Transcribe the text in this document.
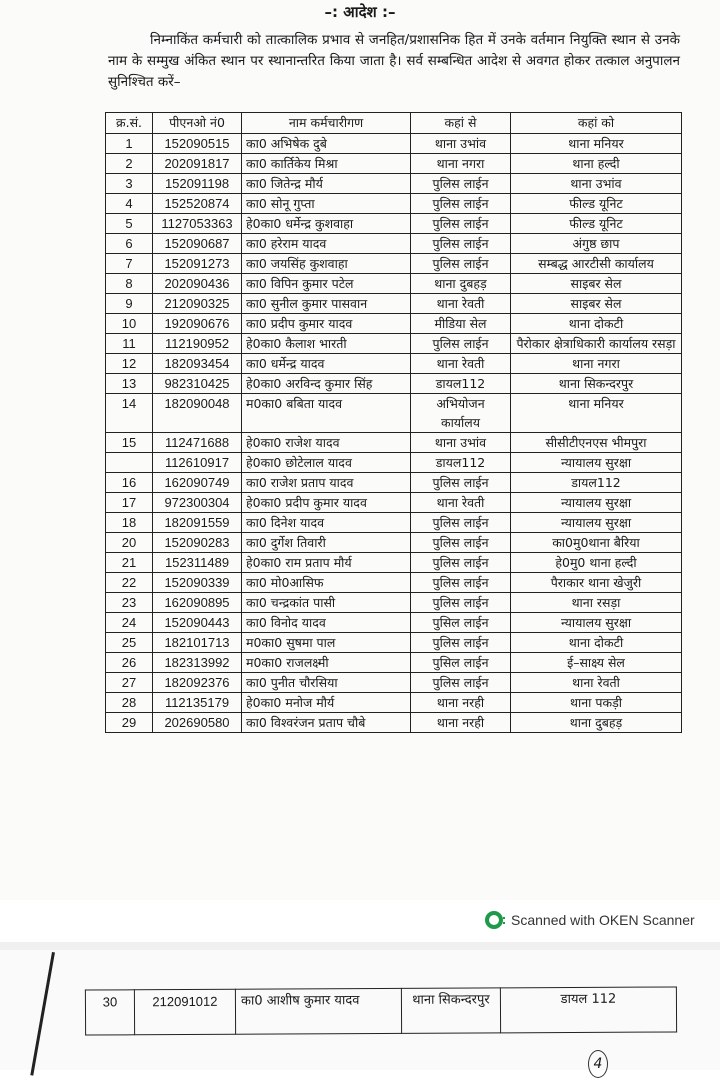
–: आदेश :–
निम्नाकिंत कर्मचारी को तात्कालिक प्रभाव से जनहित/प्रशासनिक हित में उनके वर्तमान नियुक्ति स्थान से उनके नाम के सम्मुख अंकित स्थान पर स्थानान्तरित किया जाता है। सर्व सम्बन्धित आदेश से अवगत होकर तत्काल अनुपालन सुनिश्चित करें–
क्र.सं.	पीएनओ नं0	नाम कर्मचारीगण	कहां से	कहां को
1	152090515	का0 अभिषेक दुबे	थाना उभांव	थाना मनियर
2	202091817	का0 कार्तिकेय मिश्रा	थाना नगरा	थाना हल्दी
3	152091198	का0 जितेन्द्र मौर्य	पुलिस लाईन	थाना उभांव
4	152520874	का0 सोनू गुप्ता	पुलिस लाईन	फील्ड यूनिट
5	1127053363	हे0का0 धर्मेन्द्र कुशवाहा	पुलिस लाईन	फील्ड यूनिट
6	152090687	का0 हरेराम यादव	पुलिस लाईन	अंगुष्ठ छाप
7	152091273	का0 जयसिंह कुशवाहा	पुलिस लाईन	सम्बद्ध आरटीसी कार्यालय
8	202090436	का0 विपिन कुमार पटेल	थाना दुबहड़	साइबर सेल
9	212090325	का0 सुनील कुमार पासवान	थाना रेवती	साइबर सेल
10	192090676	का0 प्रदीप कुमार यादव	मीडिया सेल	थाना दोकटी
11	112190952	हे0का0 कैलाश भारती	पुलिस लाईन	पैरोकार क्षेत्राधिकारी कार्यालय रसड़ा
12	182093454	का0 धर्मेन्द्र यादव	थाना रेवती	थाना नगरा
13	982310425	हे0का0 अरविन्द कुमार सिंह	डायल112	थाना सिकन्दरपुर
14	182090048	म0का0 बबिता यादव	अभियोजन कार्यालय	थाना मनियर
15	112471688	हे0का0 राजेश यादव	थाना उभांव	सीसीटीएनएस भीमपुरा
	112610917	हे0का0 छोटेलाल यादव	डायल112	न्यायालय सुरक्षा
16	162090749	का0 राजेश प्रताप यादव	पुलिस लाईन	डायल112
17	972300304	हे0का0 प्रदीप कुमार यादव	थाना रेवती	न्यायालय सुरक्षा
18	182091559	का0 दिनेश यादव	पुलिस लाईन	न्यायालय सुरक्षा
20	152090283	का0 दुर्गेश तिवारी	पुलिस लाईन	का0मु0थाना बैरिया
21	152311489	हे0का0 राम प्रताप मौर्य	पुलिस लाईन	हे0मु0 थाना हल्दी
22	152090339	का0 मो0आसिफ	पुलिस लाईन	पैराकार थाना खेजुरी
23	162090895	का0 चन्द्रकांत पासी	पुलिस लाईन	थाना रसड़ा
24	152090443	का0 विनोद यादव	पुसिल लाईन	न्यायालय सुरक्षा
25	182101713	म0का0 सुषमा पाल	पुलिस लाईन	थाना दोकटी
26	182313992	म0का0 राजलक्ष्मी	पुसिल लाईन	ई–साक्ष्य सेल
27	182092376	का0 पुनीत चौरसिया	पुलिस लाईन	थाना रेवती
28	112135179	हे0का0 मनोज मौर्य	थाना नरही	थाना पकड़ी
29	202690580	का0 विश्वरंजन प्रताप चौबे	थाना नरही	थाना दुबहड़
Scanned with OKEN Scanner
30	212091012	का0 आशीष कुमार यादव	थाना सिकन्दरपुर	डायल 112
4
